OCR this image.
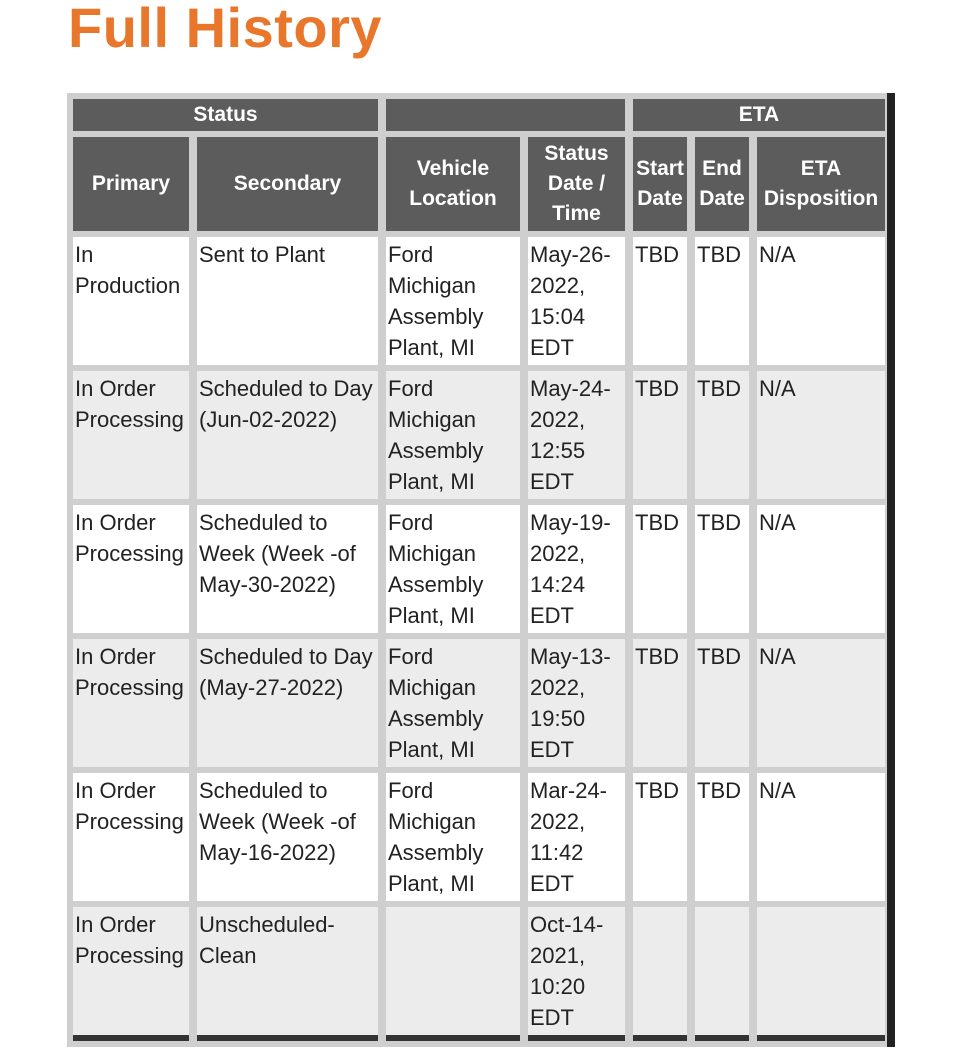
Full History
Status				ETA		
Primary	Secondary	Vehicle Location	Status Date / Time	Start Date	End Date	ETA Disposition
In Production	Sent to Plant	Ford Michigan Assembly Plant, MI	May-26-2022, 15:04 EDT	TBD	TBD	N/A
In Order Processing	Scheduled to Day (Jun-02-2022)	Ford Michigan Assembly Plant, MI	May-24-2022, 12:55 EDT	TBD	TBD	N/A
In Order Processing	Scheduled to Week (Week -of May-30-2022)	Ford Michigan Assembly Plant, MI	May-19-2022, 14:24 EDT	TBD	TBD	N/A
In Order Processing	Scheduled to Day (May-27-2022)	Ford Michigan Assembly Plant, MI	May-13-2022, 19:50 EDT	TBD	TBD	N/A
In Order Processing	Scheduled to Week (Week -of May-16-2022)	Ford Michigan Assembly Plant, MI	Mar-24-2022, 11:42 EDT	TBD	TBD	N/A
In Order Processing	Unscheduled-Clean		Oct-14-2021, 10:20 EDT			
